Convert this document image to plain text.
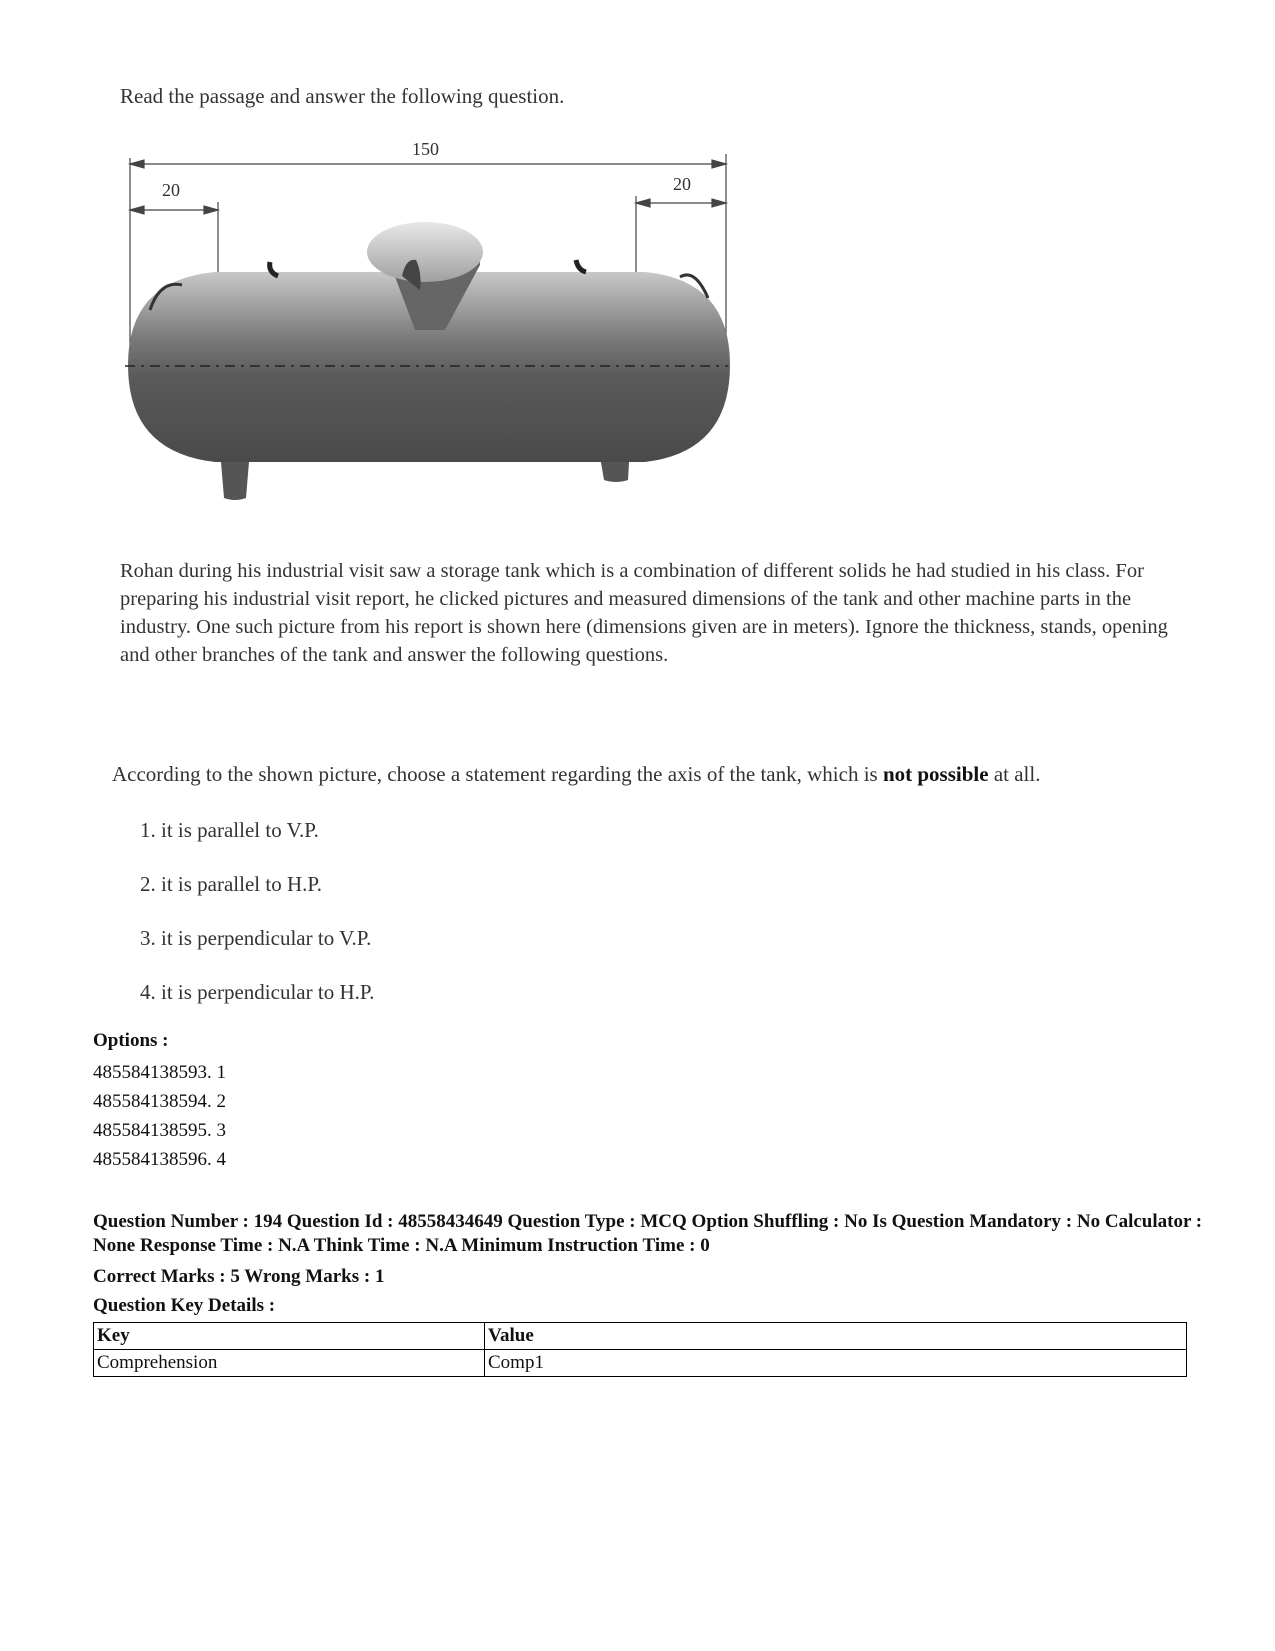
Read the passage and answer the following question.

150
20	20

Rohan during his industrial visit saw a storage tank which is a combination of different solids he had studied in his class. For preparing his industrial visit report, he clicked pictures and measured dimensions of the tank and other machine parts in the industry. One such picture from his report is shown here (dimensions given are in meters). Ignore the thickness, stands, opening and other branches of the tank and answer the following questions.

According to the shown picture, choose a statement regarding the axis of the tank, which is not possible at all.

1. it is parallel to V.P.
2. it is parallel to H.P.
3. it is perpendicular to V.P.
4. it is perpendicular to H.P.

Options :

485584138593. 1
485584138594. 2
485584138595. 3
485584138596. 4

Question Number : 194 Question Id : 48558434649 Question Type : MCQ Option Shuffling : No Is Question Mandatory : No Calculator : None Response Time : N.A Think Time : N.A Minimum Instruction Time : 0

Correct Marks : 5 Wrong Marks : 1

Question Key Details :

Key	Value
Comprehension	Comp1
